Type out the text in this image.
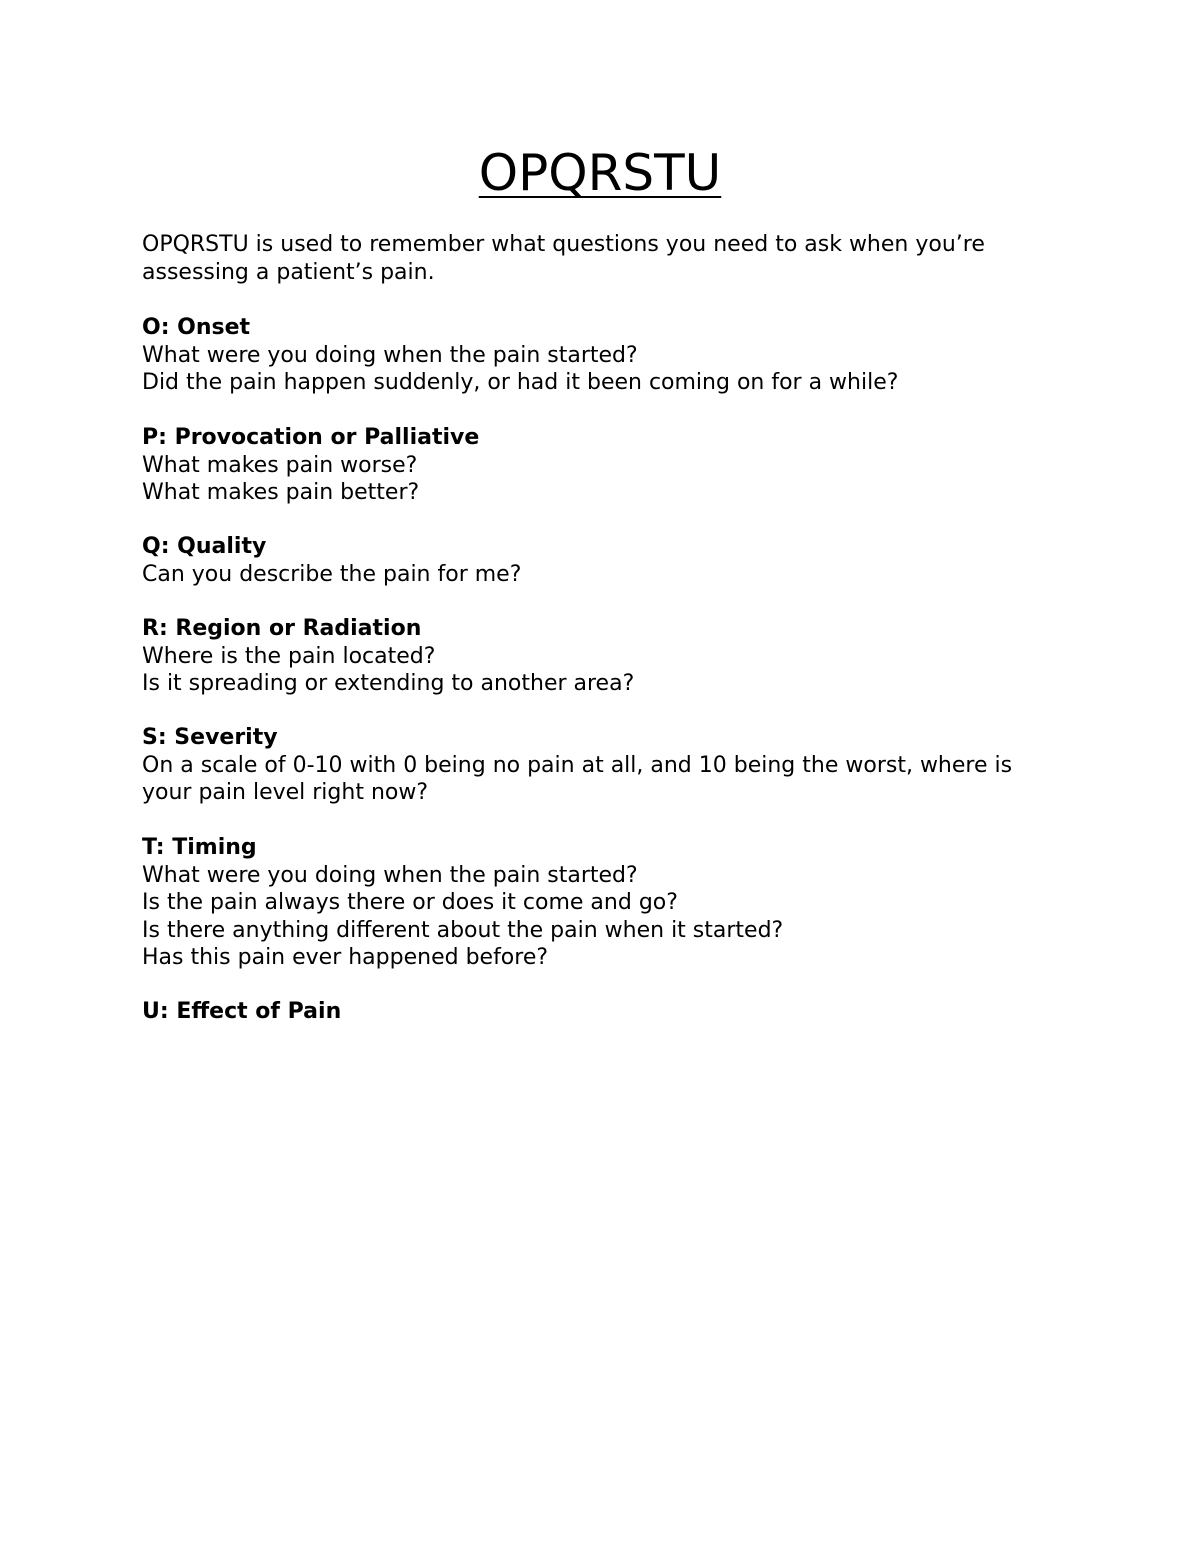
OPQRSTU

OPQRSTU is used to remember what questions you need to ask when you’re assessing a patient’s pain.

O: Onset

What were you doing when the pain started?

Did the pain happen suddenly, or had it been coming on for a while?

P: Provocation or Palliative

What makes pain worse?

What makes pain better?

Q: Quality

Can you describe the pain for me?

R: Region or Radiation

Where is the pain located?

Is it spreading or extending to another area?

S: Severity

On a scale of 0-10 with 0 being no pain at all, and 10 being the worst, where is your pain level right now?

T: Timing

What were you doing when the pain started?

Is the pain always there or does it come and go?

Is there anything different about the pain when it started?

Has this pain ever happened before?

U: Effect of Pain
